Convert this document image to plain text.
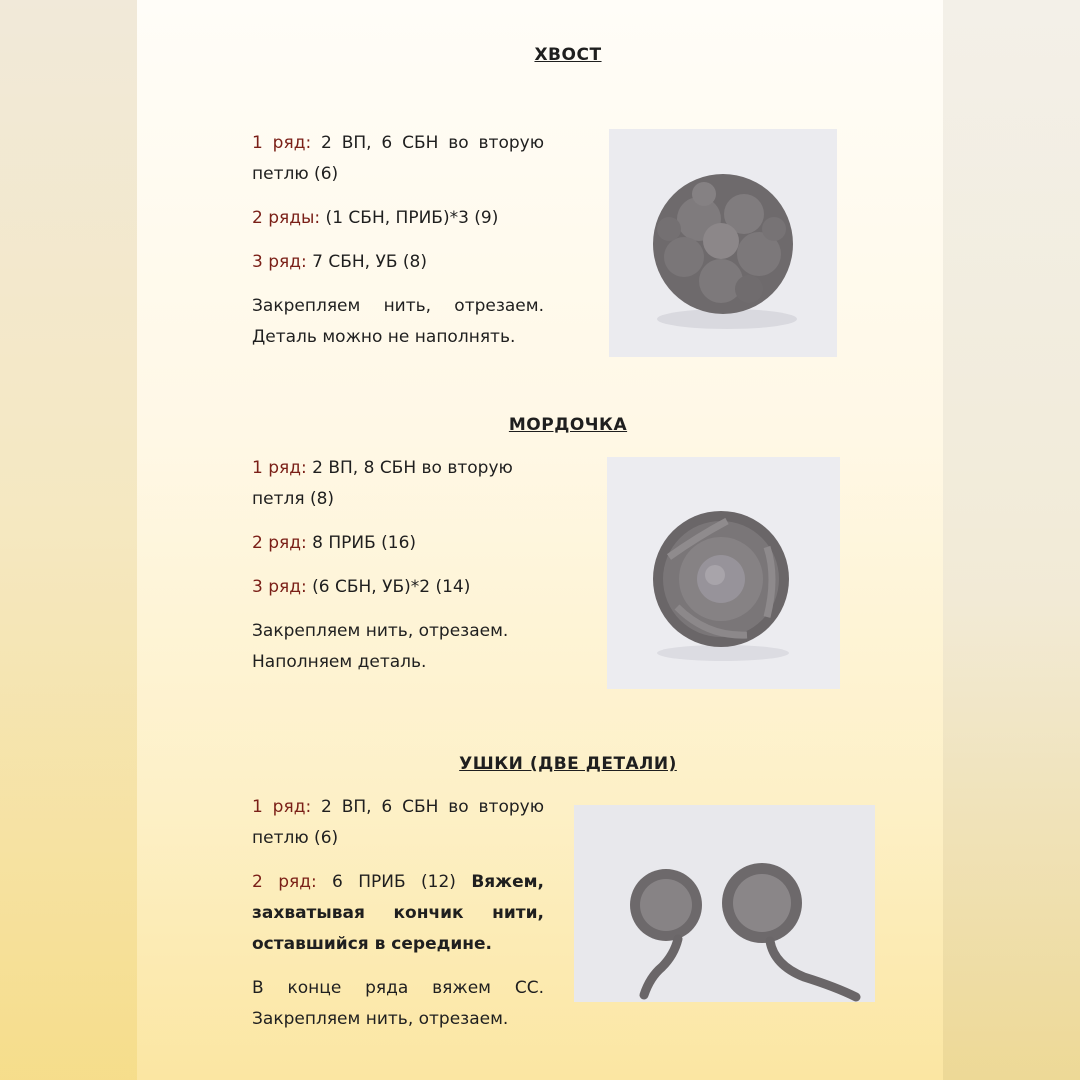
ХВОСТ

1 ряд: 2 ВП, 6 СБН во вторую
петлю (6)

2 ряды: (1 СБН, ПРИБ)*3 (9)

3 ряд: 7 СБН, УБ (8)

Закрепляем нить, отрезаем.
Деталь можно не наполнять.

МОРДОЧКА

1 ряд: 2 ВП, 8 СБН во вторую
петля (8)

2 ряд: 8 ПРИБ (16)

3 ряд: (6 СБН, УБ)*2 (14)

Закрепляем нить, отрезаем.
Наполняем деталь.

УШКИ (ДВЕ ДЕТАЛИ)

1 ряд: 2 ВП, 6 СБН во вторую
петлю (6)

2 ряд: 6 ПРИБ (12) Вяжем,
захватывая кончик нити,
оставшийся в середине.

В конце ряда вяжем СС.
Закрепляем нить, отрезаем.
